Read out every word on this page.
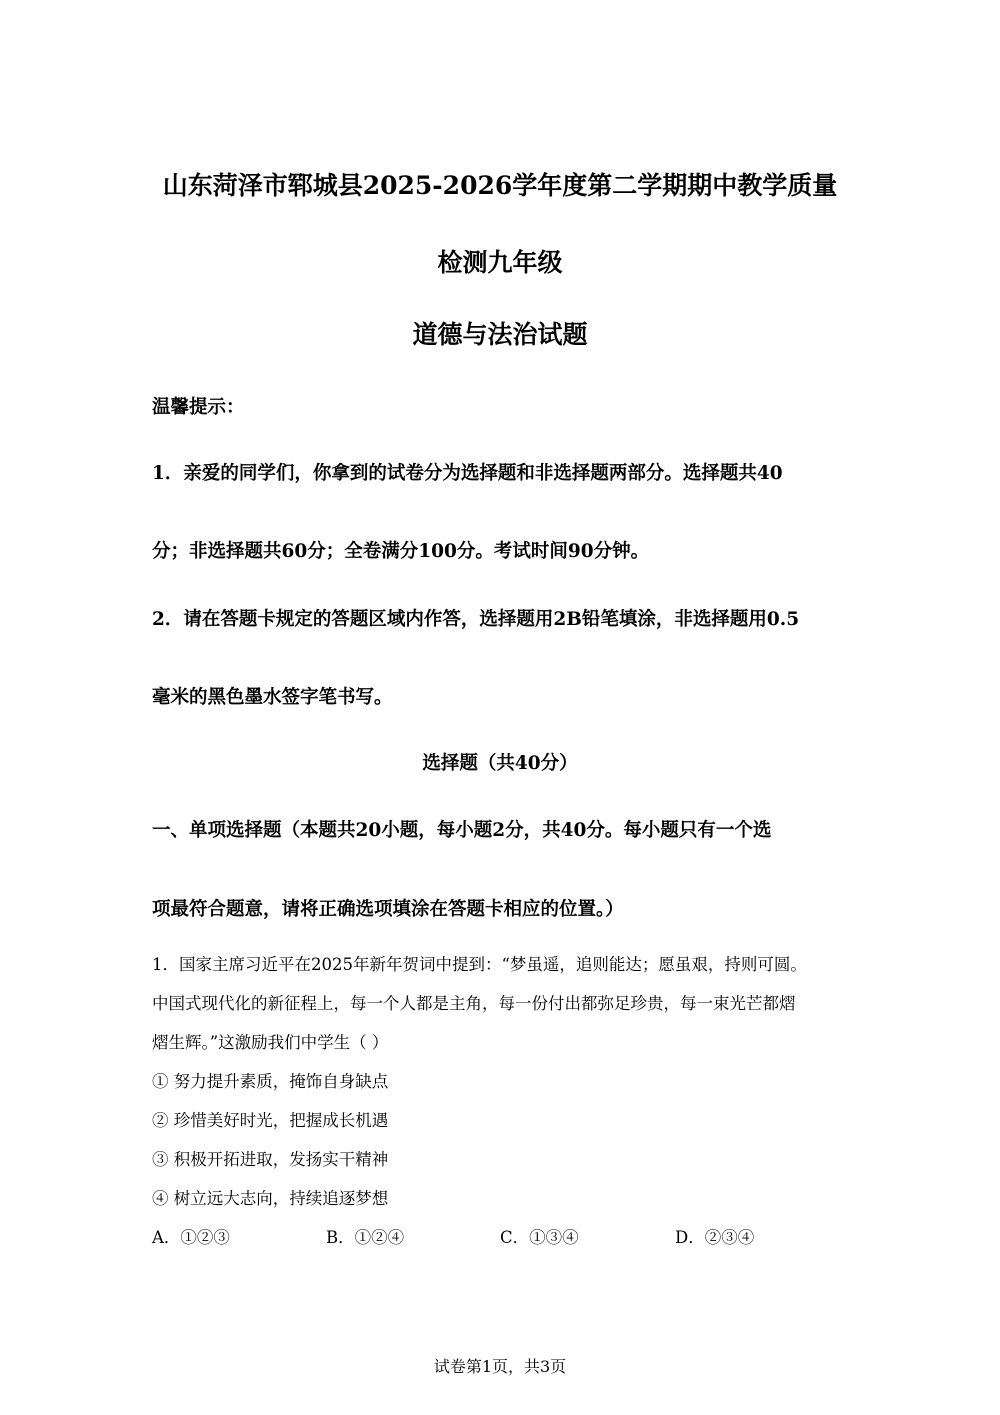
山东菏泽市郓城县2025-2026学年度第二学期期中教学质量
检测九年级
道德与法治试题
温馨提示：
1．亲爱的同学们，你拿到的试卷分为选择题和非选择题两部分。选择题共40
分；非选择题共60分；全卷满分100分。考试时间90分钟。
2．请在答题卡规定的答题区域内作答，选择题用2B铅笔填涂，非选择题用0.5
毫米的黑色墨水签字笔书写。
选择题（共40分）
一、单项选择题（本题共20小题，每小题2分，共40分。每小题只有一个选
项最符合题意，请将正确选项填涂在答题卡相应的位置。）
1．国家主席习近平在2025年新年贺词中提到：“梦虽遥，追则能达；愿虽艰，持则可圆。
中国式现代化的新征程上，每一个人都是主角，每一份付出都弥足珍贵，每一束光芒都熠
熠生辉。”这激励我们中学生（ ）
① 努力提升素质，掩饰自身缺点
② 珍惜美好时光，把握成长机遇
③ 积极开拓进取，发扬实干精神
④ 树立远大志向，持续追逐梦想
A．①②③	B．①②④	C．①③④	D．②③④
试卷第1页，共3页
